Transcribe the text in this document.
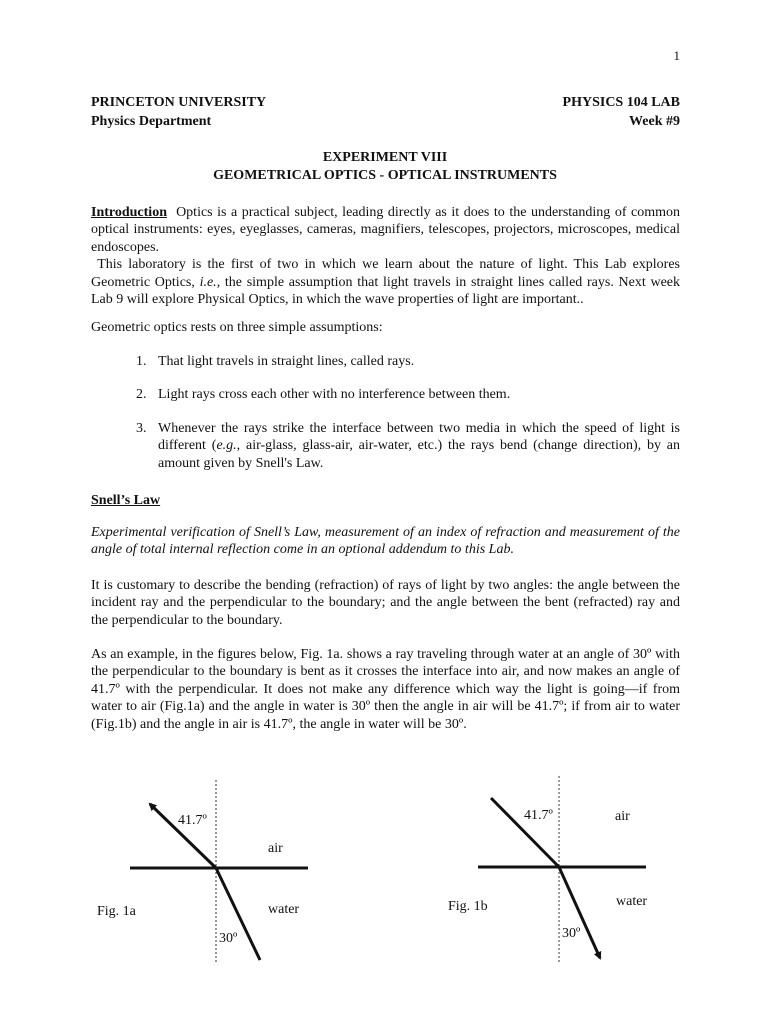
1
PRINCETON UNIVERSITY
Physics Department
PHYSICS 104 LAB
Week #9
EXPERIMENT VIII
GEOMETRICAL OPTICS - OPTICAL INSTRUMENTS
Introduction Optics is a practical subject, leading directly as it does to the understanding of common optical instruments: eyes, eyeglasses, cameras, magnifiers, telescopes, projectors, microscopes, medical endoscopes.
This laboratory is the first of two in which we learn about the nature of light. This Lab explores Geometric Optics, i.e., the simple assumption that light travels in straight lines called rays. Next week Lab 9 will explore Physical Optics, in which the wave properties of light are important..
Geometric optics rests on three simple assumptions:
1. That light travels in straight lines, called rays.
2. Light rays cross each other with no interference between them.
3. Whenever the rays strike the interface between two media in which the speed of light is different (e.g., air-glass, glass-air, air-water, etc.) the rays bend (change direction), by an amount given by Snell's Law.
Snell’s Law
Experimental verification of Snell’s Law, measurement of an index of refraction and measurement of the angle of total internal reflection come in an optional addendum to this Lab.
It is customary to describe the bending (refraction) of rays of light by two angles: the angle between the incident ray and the perpendicular to the boundary; and the angle between the bent (refracted) ray and the perpendicular to the boundary.
As an example, in the figures below, Fig. 1a. shows a ray traveling through water at an angle of 30º with the perpendicular to the boundary is bent as it crosses the interface into air, and now makes an angle of 41.7º with the perpendicular. It does not make any difference which way the light is going—if from water to air (Fig.1a) and the angle in water is 30º then the angle in air will be 41.7º; if from air to water (Fig.1b) and the angle in air is 41.7º, the angle in water will be 30º.
41.7º
air
water
30º
Fig. 1a
41.7º	air
water
30º
Fig. 1b
